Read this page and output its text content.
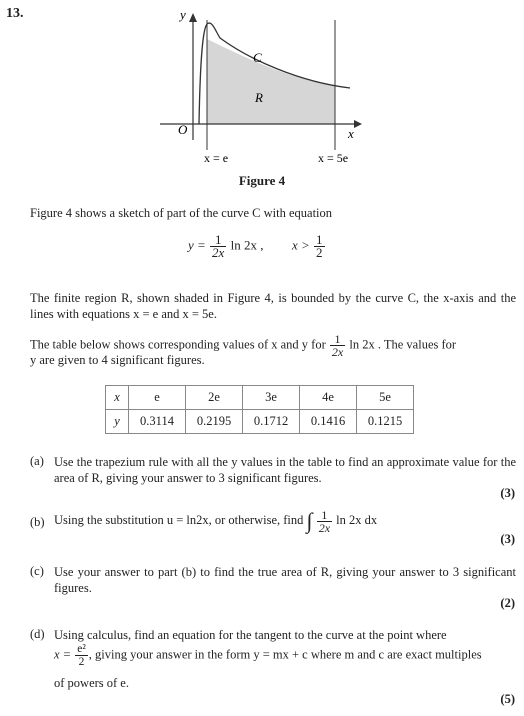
13.	y
x
O
C
R
x = e	x = 5e
Figure 4
Figure 4 shows a sketch of part of the curve C with equation
$y = \frac{1}{2x}$ ln 2x , $x > \frac{1}{2}$
The finite region R, shown shaded in Figure 4, is bounded by the curve C, the x-axis and the lines with equations x = e and x = 5e.
The table below shows corresponding values of x and y for $\frac{1}{2x}$ ln 2x . The values for
y are given to 4 significant figures.
x	e	2e	3e	4e	5e
y	0.3114	0.2195	0.1712	0.1416	0.1215
(a) Use the trapezium rule with all the y values in the table to find an approximate value for the area of R, giving your answer to 3 significant figures.
(3)
(b) Using the substitution u = ln2x, or otherwise, find ∫ $\frac{1}{2x}$ ln 2x dx
(3)
(c) Use your answer to part (b) to find the true area of R, giving your answer to 3 significant figures.
(2)
(d) Using calculus, find an equation for the tangent to the curve at the point where
$x = \frac{\text{e²}}{2}$ , giving your answer in the form y = mx + c where m and c are exact multiples
of powers of e.
(5)
